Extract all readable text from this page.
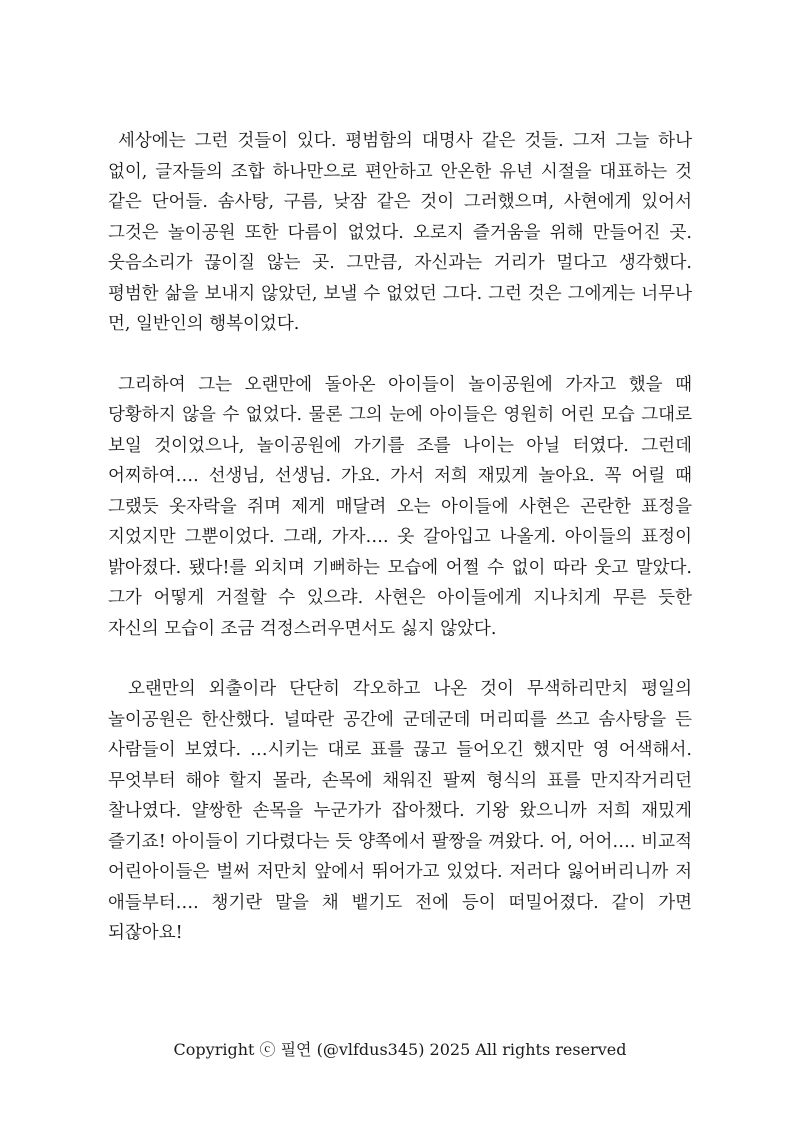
세상에는 그런 것들이 있다. 평범함의 대명사 같은 것들. 그저 그늘 하나 없이, 글자들의 조합 하나만으로 편안하고 안온한 유년 시절을 대표하는 것 같은 단어들. 솜사탕, 구름, 낮잠 같은 것이 그러했으며, 사현에게 있어서 그것은 놀이공원 또한 다름이 없었다. 오로지 즐거움을 위해 만들어진 곳. 웃음소리가 끊이질 않는 곳. 그만큼, 자신과는 거리가 멀다고 생각했다. 평범한 삶을 보내지 않았던, 보낼 수 없었던 그다. 그런 것은 그에게는 너무나 먼, 일반인의 행복이었다.

그리하여 그는 오랜만에 돌아온 아이들이 놀이공원에 가자고 했을 때 당황하지 않을 수 없었다. 물론 그의 눈에 아이들은 영원히 어린 모습 그대로 보일 것이었으나, 놀이공원에 가기를 조를 나이는 아닐 터였다. 그런데 어찌하여…. 선생님, 선생님. 가요. 가서 저희 재밌게 놀아요. 꼭 어릴 때 그랬듯 옷자락을 쥐며 제게 매달려 오는 아이들에 사현은 곤란한 표정을 지었지만 그뿐이었다. 그래, 가자…. 옷 갈아입고 나올게. 아이들의 표정이 밝아졌다. 됐다!를 외치며 기뻐하는 모습에 어쩔 수 없이 따라 웃고 말았다. 그가 어떻게 거절할 수 있으랴. 사현은 아이들에게 지나치게 무른 듯한 자신의 모습이 조금 걱정스러우면서도 싫지 않았다.

오랜만의 외출이라 단단히 각오하고 나온 것이 무색하리만치 평일의 놀이공원은 한산했다. 널따란 공간에 군데군데 머리띠를 쓰고 솜사탕을 든 사람들이 보였다. …시키는 대로 표를 끊고 들어오긴 했지만 영 어색해서. 무엇부터 해야 할지 몰라, 손목에 채워진 팔찌 형식의 표를 만지작거리던 찰나였다. 얄쌍한 손목을 누군가가 잡아챘다. 기왕 왔으니까 저희 재밌게 즐기죠! 아이들이 기다렸다는 듯 양쪽에서 팔짱을 껴왔다. 어, 어어…. 비교적 어린아이들은 벌써 저만치 앞에서 뛰어가고 있었다. 저러다 잃어버리니까 저 애들부터…. 챙기란 말을 채 뱉기도 전에 등이 떠밀어졌다. 같이 가면 되잖아요!

Copyright ⓒ 필연 (@vlfdus345) 2025 All rights reserved
